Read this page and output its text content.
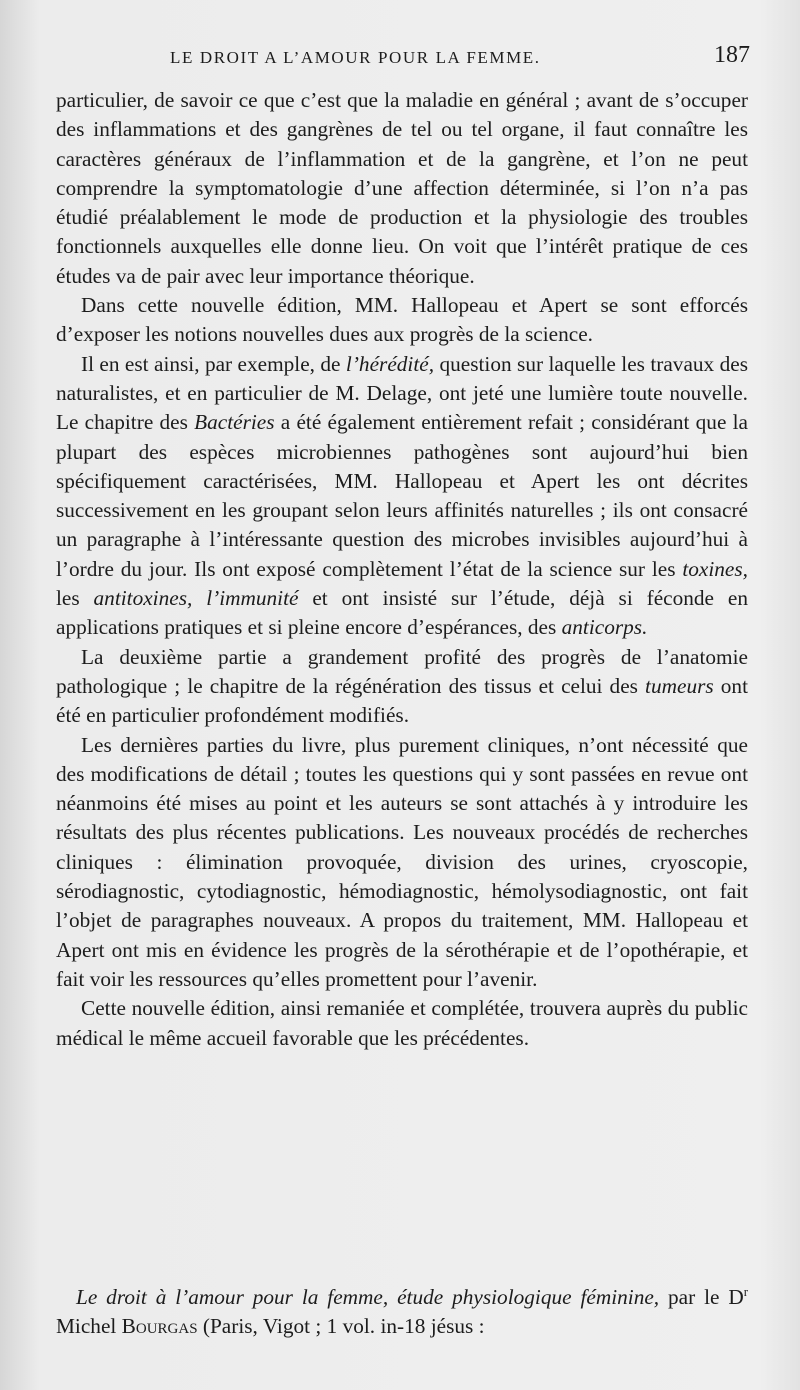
LE DROIT A L’AMOUR POUR LA FEMME.	187

particulier, de savoir ce que c’est que la maladie en général ; avant de s’occuper des inflammations et des gangrènes de tel ou tel organe, il faut connaître les caractères généraux de l’inflammation et de la gangrène, et l’on ne peut comprendre la symptomatologie d’une affection déterminée, si l’on n’a pas étudié préalablement le mode de production et la physiologie des troubles fonctionnels auxquelles elle donne lieu. On voit que l’intérêt pratique de ces études va de pair avec leur importance théorique.

Dans cette nouvelle édition, MM. Hallopeau et Apert se sont efforcés d’exposer les notions nouvelles dues aux progrès de la science.

Il en est ainsi, par exemple, de l’hérédité, question sur laquelle les travaux des naturalistes, et en particulier de M. Delage, ont jeté une lumière toute nouvelle. Le chapitre des Bactéries a été également entièrement refait ; considérant que la plupart des espèces microbiennes pathogènes sont aujourd’hui bien spécifiquement caractérisées, MM. Hallopeau et Apert les ont décrites successivement en les groupant selon leurs affinités naturelles ; ils ont consacré un paragraphe à l’intéressante question des microbes invisibles aujourd’hui à l’ordre du jour. Ils ont exposé complètement l’état de la science sur les toxines, les antitoxines, l’immunité et ont insisté sur l’étude, déjà si féconde en applications pratiques et si pleine encore d’espérances, des anticorps.

La deuxième partie a grandement profité des progrès de l’anatomie pathologique ; le chapitre de la régénération des tissus et celui des tumeurs ont été en particulier profondément modifiés.

Les dernières parties du livre, plus purement cliniques, n’ont nécessité que des modifications de détail ; toutes les questions qui y sont passées en revue ont néanmoins été mises au point et les auteurs se sont attachés à y introduire les résultats des plus récentes publications. Les nouveaux procédés de recherches cliniques : élimination provoquée, division des urines, cryoscopie, sérodiagnostic, cytodiagnostic, hémodiagnostic, hémolysodiagnostic, ont fait l’objet de paragraphes nouveaux. A propos du traitement, MM. Hallopeau et Apert ont mis en évidence les progrès de la sérothérapie et de l’opothérapie, et fait voir les ressources qu’elles promettent pour l’avenir.

Cette nouvelle édition, ainsi remaniée et complétée, trouvera auprès du public médical le même accueil favorable que les précédentes.

Le droit à l’amour pour la femme, étude physiologique féminine, par le $D^r$ Michel Bourgas (Paris, Vigot ; 1 vol. in-18 jésus :
